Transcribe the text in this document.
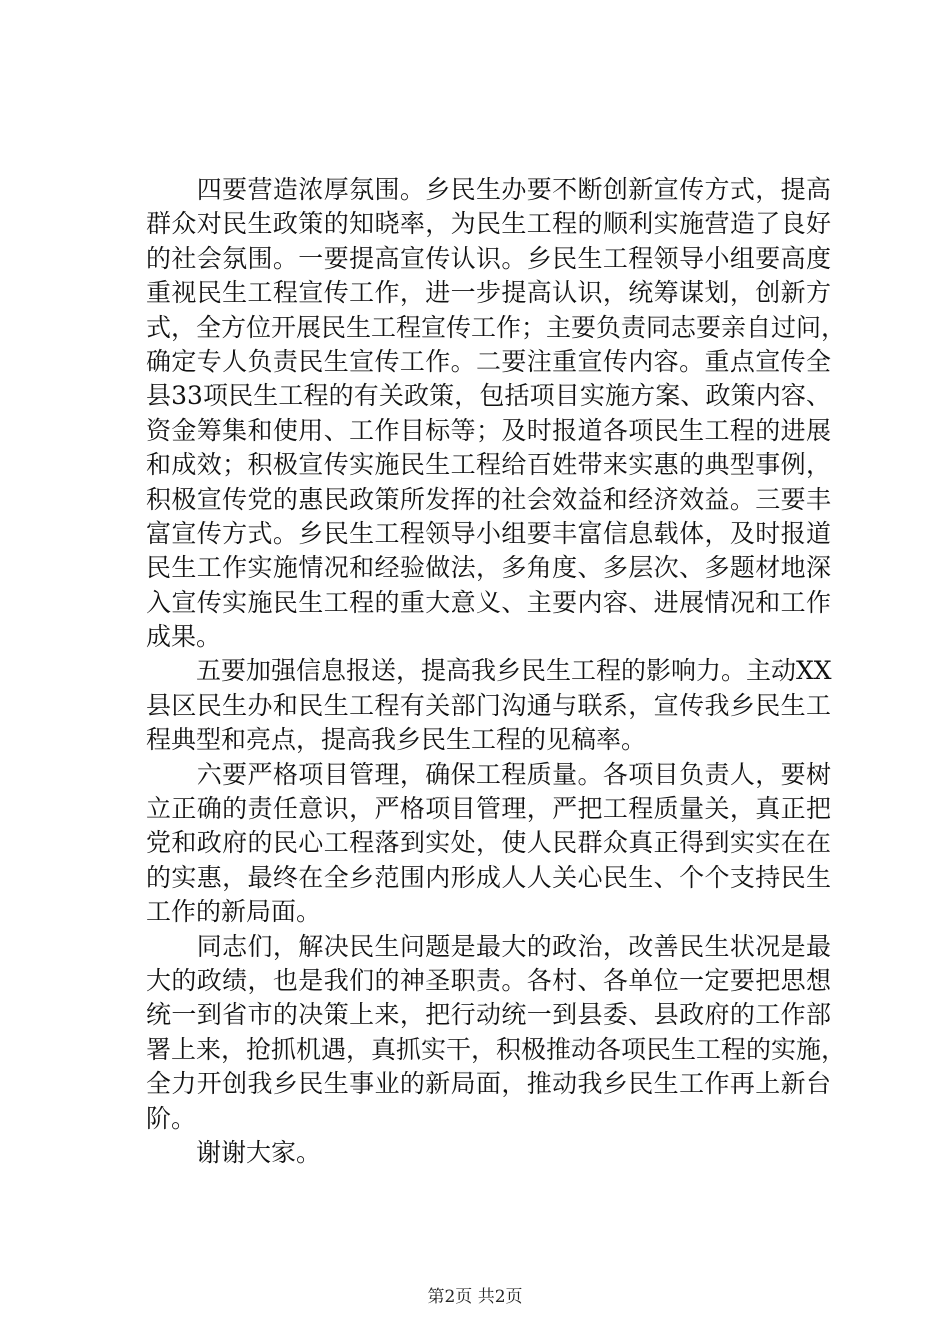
　　四要营造浓厚氛围。乡民生办要不断创新宣传方式，提高
群众对民生政策的知晓率，为民生工程的顺利实施营造了良好
的社会氛围。一要提高宣传认识。乡民生工程领导小组要高度
重视民生工程宣传工作，进一步提高认识，统筹谋划，创新方
式，全方位开展民生工程宣传工作；主要负责同志要亲自过问，
确定专人负责民生宣传工作。二要注重宣传内容。重点宣传全
县33项民生工程的有关政策，包括项目实施方案、政策内容、
资金筹集和使用、工作目标等；及时报道各项民生工程的进展
和成效；积极宣传实施民生工程给百姓带来实惠的典型事例，
积极宣传党的惠民政策所发挥的社会效益和经济效益。三要丰
富宣传方式。乡民生工程领导小组要丰富信息载体，及时报道
民生工作实施情况和经验做法，多角度、多层次、多题材地深
入宣传实施民生工程的重大意义、主要内容、进展情况和工作
成果。
　　五要加强信息报送，提高我乡民生工程的影响力。主动XX
县区民生办和民生工程有关部门沟通与联系，宣传我乡民生工
程典型和亮点，提高我乡民生工程的见稿率。
　　六要严格项目管理，确保工程质量。各项目负责人，要树
立正确的责任意识，严格项目管理，严把工程质量关，真正把
党和政府的民心工程落到实处，使人民群众真正得到实实在在
的实惠，最终在全乡范围内形成人人关心民生、个个支持民生
工作的新局面。
　　同志们，解决民生问题是最大的政治，改善民生状况是最
大的政绩，也是我们的神圣职责。各村、各单位一定要把思想
统一到省市的决策上来，把行动统一到县委、县政府的工作部
署上来，抢抓机遇，真抓实干，积极推动各项民生工程的实施，
全力开创我乡民生事业的新局面，推动我乡民生工作再上新台
阶。
　　谢谢大家。
第2页 共2页
